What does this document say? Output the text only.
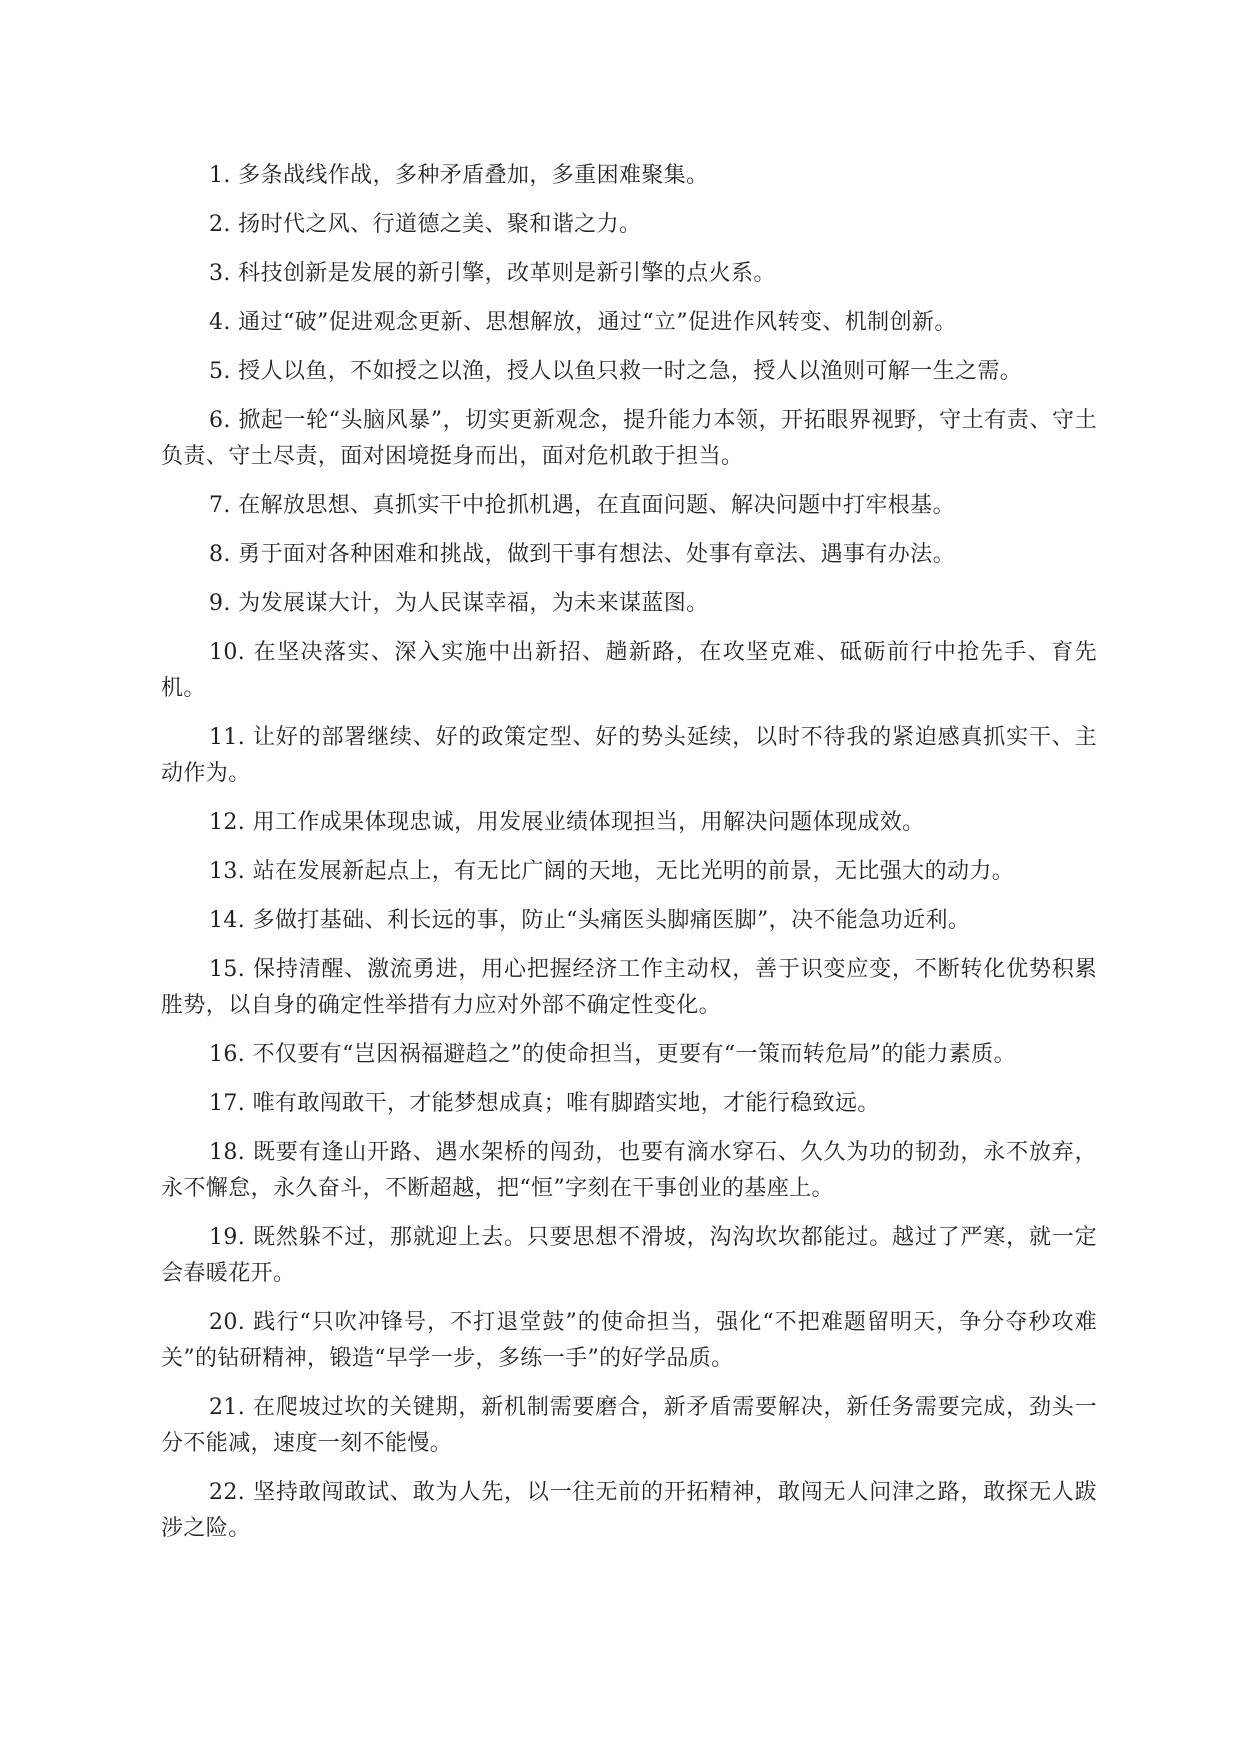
1. 多条战线作战，多种矛盾叠加，多重困难聚集。

2. 扬时代之风、行道德之美、聚和谐之力。

3. 科技创新是发展的新引擎，改革则是新引擎的点火系。

4. 通过“破”促进观念更新、思想解放，通过“立”促进作风转变、机制创新。

5. 授人以鱼，不如授之以渔，授人以鱼只救一时之急，授人以渔则可解一生之需。

6. 掀起一轮“头脑风暴”，切实更新观念，提升能力本领，开拓眼界视野，守土有责、守土负责、守土尽责，面对困境挺身而出，面对危机敢于担当。

7. 在解放思想、真抓实干中抢抓机遇，在直面问题、解决问题中打牢根基。

8. 勇于面对各种困难和挑战，做到干事有想法、处事有章法、遇事有办法。

9. 为发展谋大计，为人民谋幸福，为未来谋蓝图。

10. 在坚决落实、深入实施中出新招、趟新路，在攻坚克难、砥砺前行中抢先手、育先机。

11. 让好的部署继续、好的政策定型、好的势头延续，以时不待我的紧迫感真抓实干、主动作为。

12. 用工作成果体现忠诚，用发展业绩体现担当，用解决问题体现成效。

13. 站在发展新起点上，有无比广阔的天地，无比光明的前景，无比强大的动力。

14. 多做打基础、利长远的事，防止“头痛医头脚痛医脚”，决不能急功近利。

15. 保持清醒、激流勇进，用心把握经济工作主动权，善于识变应变，不断转化优势积累胜势，以自身的确定性举措有力应对外部不确定性变化。

16. 不仅要有“岂因祸福避趋之”的使命担当，更要有“一策而转危局”的能力素质。

17. 唯有敢闯敢干，才能梦想成真；唯有脚踏实地，才能行稳致远。

18. 既要有逢山开路、遇水架桥的闯劲，也要有滴水穿石、久久为功的韧劲，永不放弃，永不懈怠，永久奋斗，不断超越，把“恒”字刻在干事创业的基座上。

19. 既然躲不过，那就迎上去。只要思想不滑坡，沟沟坎坎都能过。越过了严寒，就一定会春暖花开。

20. 践行“只吹冲锋号，不打退堂鼓”的使命担当，强化“不把难题留明天，争分夺秒攻难关”的钻研精神，锻造“早学一步，多练一手”的好学品质。

21. 在爬坡过坎的关键期，新机制需要磨合，新矛盾需要解决，新任务需要完成，劲头一分不能减，速度一刻不能慢。

22. 坚持敢闯敢试、敢为人先，以一往无前的开拓精神，敢闯无人问津之路，敢探无人跋涉之险。
